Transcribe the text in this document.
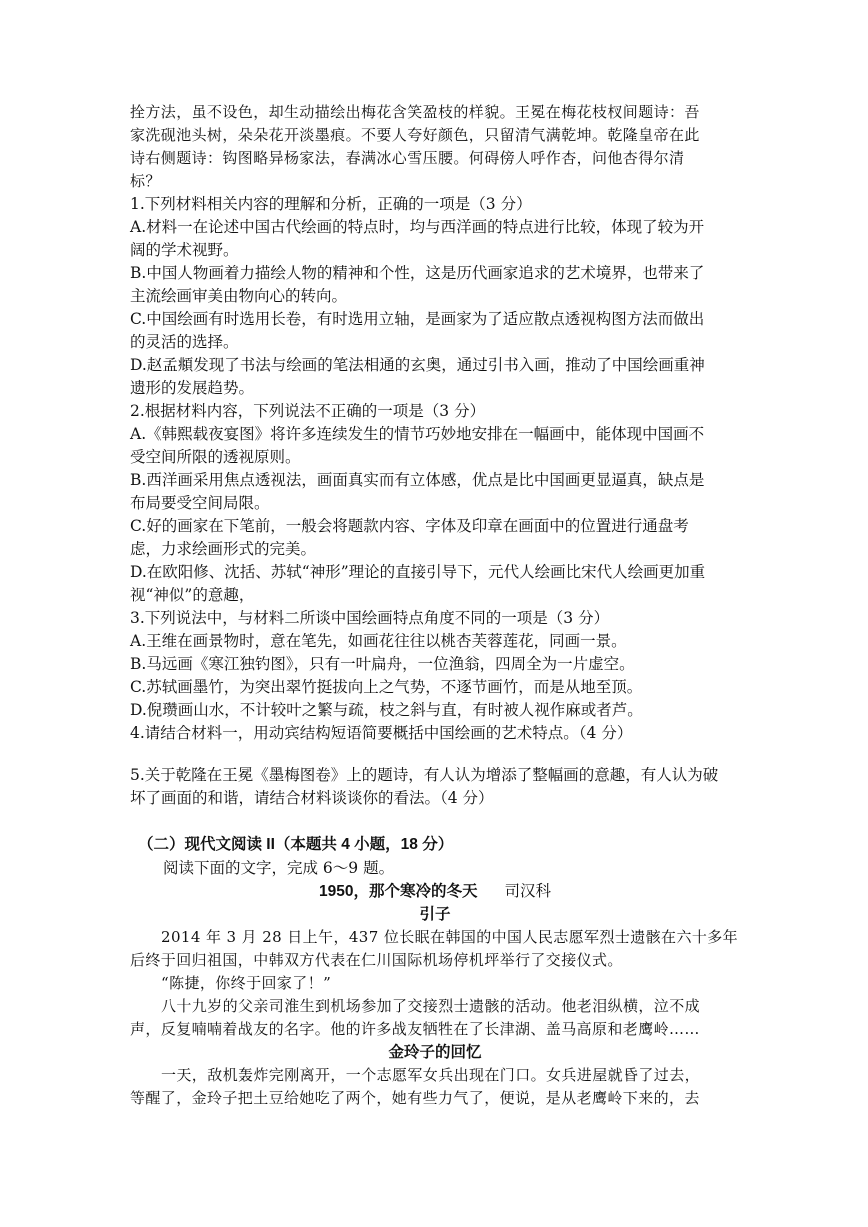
拴方法，虽不设色，却生动描绘出梅花含笑盈枝的样貌。王冕在梅花枝杈间题诗：吾

家洗砚池头树，朵朵花开淡墨痕。不要人夸好颜色，只留清气满乾坤。乾隆皇帝在此

诗右侧题诗：钩图略异杨家法，春满冰心雪压腰。何碍傍人呼作杏，问他杏得尔清

标？

1.下列材料相关内容的理解和分析，正确的一项是（3 分）

A.材料一在论述中国古代绘画的特点时，均与西洋画的特点进行比较，体现了较为开

阔的学术视野。

B.中国人物画着力描绘人物的精神和个性，这是历代画家追求的艺术境界，也带来了

主流绘画审美由物向心的转向。

C.中国绘画有时选用长卷，有时选用立轴，是画家为了适应散点透视构图方法而做出

的灵活的选择。

D.赵孟頫发现了书法与绘画的笔法相通的玄奥，通过引书入画，推动了中国绘画重神

遗形的发展趋势。

2.根据材料内容，下列说法不正确的一项是（3 分）

A.《韩熙载夜宴图》将许多连续发生的情节巧妙地安排在一幅画中，能体现中国画不

受空间所限的透视原则。

B.西洋画采用焦点透视法，画面真实而有立体感，优点是比中国画更显逼真，缺点是

布局要受空间局限。

C.好的画家在下笔前，一般会将题款内容、字体及印章在画面中的位置进行通盘考

虑，力求绘画形式的完美。

D.在欧阳修、沈括、苏轼“神形”理论的直接引导下，元代人绘画比宋代人绘画更加重

视“神似”的意趣，

3.下列说法中，与材料二所谈中国绘画特点角度不同的一项是（3 分）

A.王维在画景物时，意在笔先，如画花往往以桃杏芙蓉莲花，同画一景。

B.马远画《寒江独钓图》，只有一叶扁舟，一位渔翁，四周全为一片虚空。

C.苏轼画墨竹，为突出翠竹挺拔向上之气势，不逐节画竹，而是从地至顶。

D.倪瓒画山水，不计较叶之繁与疏，枝之斜与直，有时被人视作麻或者芦。

4.请结合材料一，用动宾结构短语简要概括中国绘画的艺术特点。（4 分）

5.关于乾隆在王冕《墨梅图卷》上的题诗，有人认为增添了整幅画的意趣，有人认为破

坏了画面的和谐，请结合材料谈谈你的看法。（4 分）

（二）现代文阅读 II（本题共 4 小题，18 分）
阅读下面的文字，完成 6～9 题。
1950，那个寒冷的冬天 司汉科
引子

2014 年 3 月 28 日上午，437 位长眠在韩国的中国人民志愿军烈士遗骸在六十多年

后终于回归祖国，中韩双方代表在仁川国际机场停机坪举行了交接仪式。

“陈捷，你终于回家了！”

八十九岁的父亲司淮生到机场参加了交接烈士遗骸的活动。他老泪纵横，泣不成

声，反复喃喃着战友的名字。他的许多战友牺牲在了长津湖、盖马高原和老鹰岭……

金玲子的回忆

一天，敌机轰炸完刚离开，一个志愿军女兵出现在门口。女兵进屋就昏了过去，

等醒了，金玲子把土豆给她吃了两个，她有些力气了，便说，是从老鹰岭下来的，去
